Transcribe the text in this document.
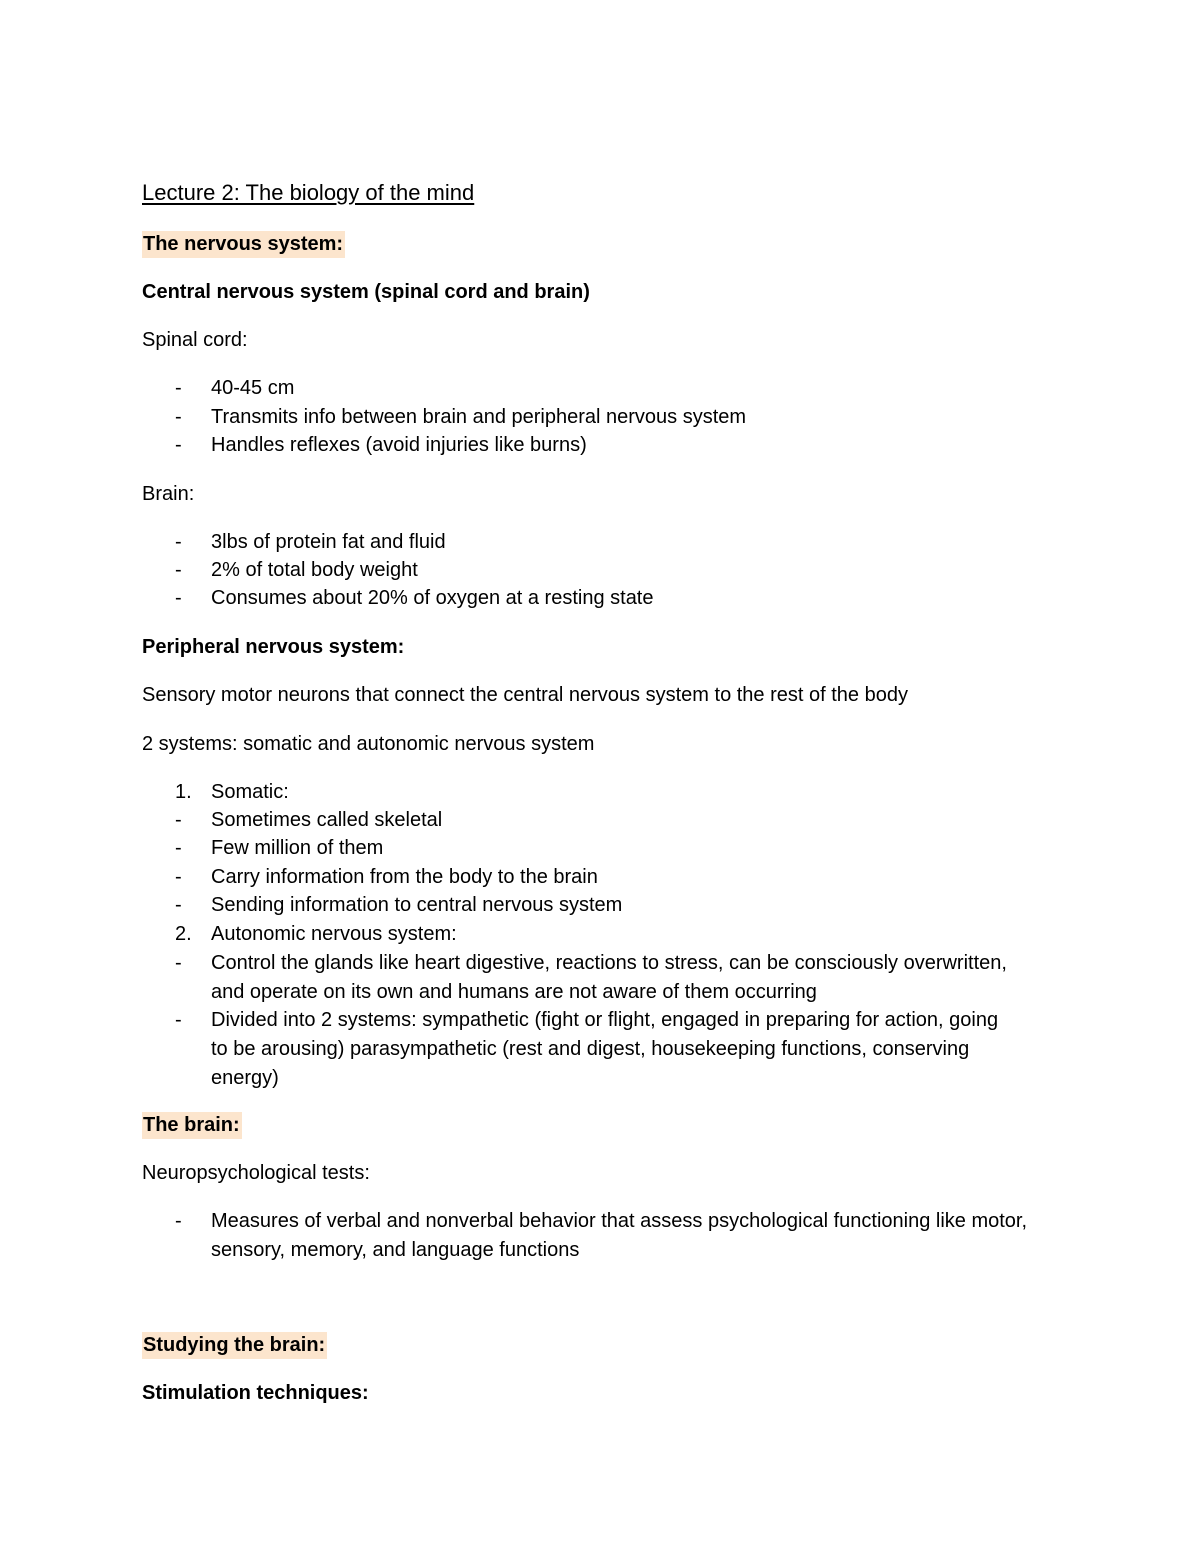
Lecture 2: The biology of the mind
The nervous system:
Central nervous system (spinal cord and brain)
Spinal cord:
-	40-45 cm
-	Transmits info between brain and peripheral nervous system
-	Handles reflexes (avoid injuries like burns)
Brain:
-	3lbs of protein fat and fluid
-	2% of total body weight
-	Consumes about 20% of oxygen at a resting state
Peripheral nervous system:
Sensory motor neurons that connect the central nervous system to the rest of the body
2 systems: somatic and autonomic nervous system
1. Somatic:
-	Sometimes called skeletal
-	Few million of them
-	Carry information from the body to the brain
-	Sending information to central nervous system
2. Autonomic nervous system:
-	Control the glands like heart digestive, reactions to stress, can be consciously overwritten, and operate on its own and humans are not aware of them occurring
-	Divided into 2 systems: sympathetic (fight or flight, engaged in preparing for action, going to be arousing) parasympathetic (rest and digest, housekeeping functions, conserving energy)
The brain:
Neuropsychological tests:
-	Measures of verbal and nonverbal behavior that assess psychological functioning like motor, sensory, memory, and language functions
Studying the brain:
Stimulation techniques:
